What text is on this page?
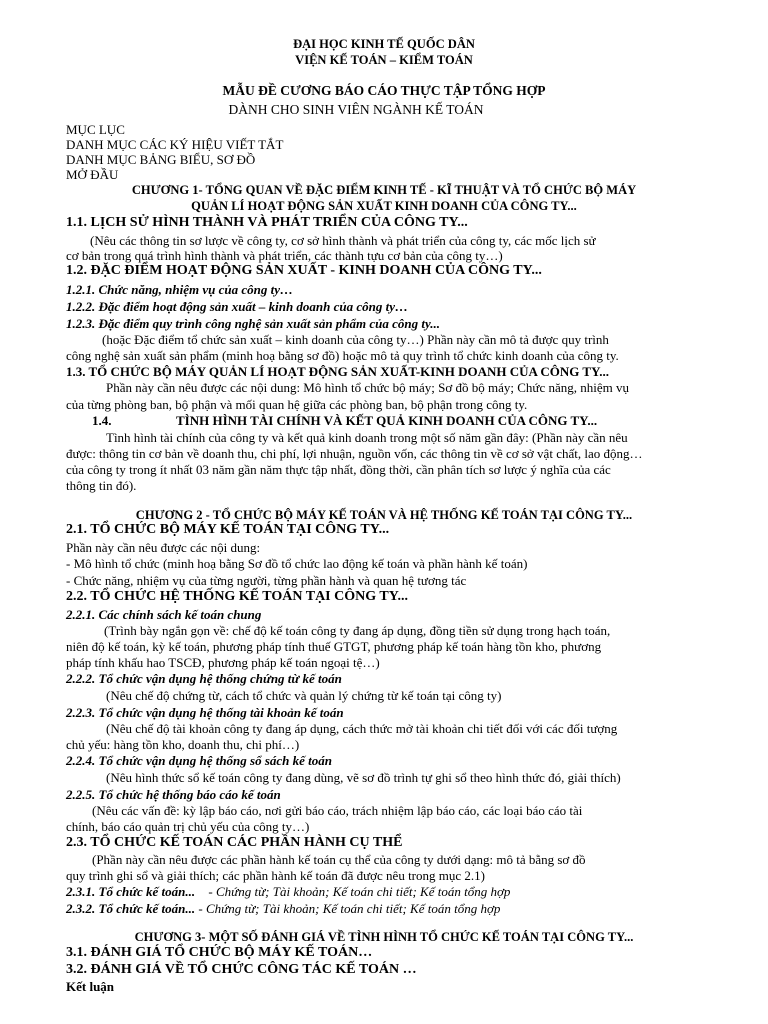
ĐẠI HỌC KINH TẾ QUỐC DÂN
VIỆN KẾ TOÁN – KIỂM TOÁN
MẪU ĐỀ CƯƠNG BÁO CÁO THỰC TẬP TỔNG HỢP
DÀNH CHO SINH VIÊN NGÀNH KẾ TOÁN
MỤC LỤC
DANH MỤC CÁC KÝ HIỆU VIẾT TẮT
DANH MỤC BẢNG BIỂU, SƠ ĐỒ
MỞ ĐẦU
CHƯƠNG 1- TỔNG QUAN VỀ ĐẶC ĐIỂM KINH TẾ - KĨ THUẬT VÀ TỔ CHỨC BỘ MÁY
QUẢN LÍ HOẠT ĐỘNG SẢN XUẤT KINH DOANH CỦA CÔNG TY...
1.1. LỊCH SỬ HÌNH THÀNH VÀ PHÁT TRIỂN CỦA CÔNG TY...
(Nêu các thông tin sơ lược về công ty, cơ sở hình thành và phát triển của công ty, các mốc lịch sử
cơ bản trong quá trình hình thành và phát triển, các thành tựu cơ bản của công ty…)
1.2. ĐẶC ĐIỂM HOẠT ĐỘNG SẢN XUẤT - KINH DOANH CỦA CÔNG TY...
1.2.1. Chức năng, nhiệm vụ của công ty…
1.2.2. Đặc điểm hoạt động sản xuất – kinh doanh của công ty…
1.2.3. Đặc điểm quy trình công nghệ sản xuất sản phẩm của công ty...
(hoặc Đặc điểm tổ chức sản xuất – kinh doanh của công ty…) Phần này cần mô tả được quy trình
công nghệ sản xuất sản phẩm (minh hoạ bằng sơ đồ) hoặc mô tả quy trình tổ chức kinh doanh của công ty.
1.3. TỔ CHỨC BỘ MÁY QUẢN LÍ HOẠT ĐỘNG SẢN XUẤT-KINH DOANH CỦA CÔNG TY...
Phần này cần nêu được các nội dung: Mô hình tổ chức bộ máy; Sơ đồ bộ máy; Chức năng, nhiệm vụ
của từng phòng ban, bộ phận và mối quan hệ giữa các phòng ban, bộ phận trong công ty.
1.4.	TÌNH HÌNH TÀI CHÍNH VÀ KẾT QUẢ KINH DOANH CỦA CÔNG TY...
Tình hình tài chính của công ty và kết quả kinh doanh trong một số năm gần đây: (Phần này cần nêu
được: thông tin cơ bản về doanh thu, chi phí, lợi nhuận, nguồn vốn, các thông tin về cơ sở vật chất, lao động…
của công ty trong ít nhất 03 năm gần năm thực tập nhất, đồng thời, cần phân tích sơ lược ý nghĩa của các
thông tin đó).
CHƯƠNG 2 - TỔ CHỨC BỘ MÁY KẾ TOÁN VÀ HỆ THỐNG KẾ TOÁN TẠI CÔNG TY...
2.1. TỔ CHỨC BỘ MÁY KẾ TOÁN TẠI CÔNG TY...
Phần này cần nêu được các nội dung:
- Mô hình tổ chức (minh hoạ bằng Sơ đồ tổ chức lao động kế toán và phần hành kế toán)
- Chức năng, nhiệm vụ của từng người, từng phần hành và quan hệ tương tác
2.2. TỔ CHỨC HỆ THỐNG KẾ TOÁN TẠI CÔNG TY...
2.2.1. Các chính sách kế toán chung
(Trình bày ngắn gọn về: chế độ kế toán công ty đang áp dụng, đồng tiền sử dụng trong hạch toán,
niên độ kế toán, kỳ kế toán, phương pháp tính thuế GTGT, phương pháp kế toán hàng tồn kho, phương
pháp tính khấu hao TSCĐ, phương pháp kế toán ngoại tệ…)
2.2.2. Tổ chức vận dụng hệ thống chứng từ kế toán
(Nêu chế độ chứng từ, cách tổ chức và quản lý chứng từ kế toán tại công ty)
2.2.3. Tổ chức vận dụng hệ thống tài khoản kế toán
(Nêu chế độ tài khoản công ty đang áp dụng, cách thức mở tài khoản chi tiết đối với các đối tượng
chủ yếu: hàng tồn kho, doanh thu, chi phí…)
2.2.4. Tổ chức vận dụng hệ thống sổ sách kế toán
(Nêu hình thức sổ kế toán công ty đang dùng, vẽ sơ đồ trình tự ghi sổ theo hình thức đó, giải thích)
2.2.5. Tổ chức hệ thống báo cáo kế toán
(Nêu các vấn đề: kỳ lập báo cáo, nơi gửi báo cáo, trách nhiệm lập báo cáo, các loại báo cáo tài
chính, báo cáo quản trị chủ yếu của công ty…)
2.3. TỔ CHỨC KẾ TOÁN CÁC PHẦN HÀNH CỤ THỂ
(Phần này cần nêu được các phần hành kế toán cụ thể của công ty dưới dạng: mô tả bằng sơ đồ
quy trình ghi sổ và giải thích; các phần hành kế toán đã được nêu trong mục 2.1)
2.3.1. Tổ chức kế toán... - Chứng từ; Tài khoản; Kế toán chi tiết; Kế toán tổng hợp
2.3.2. Tổ chức kế toán... - Chứng từ; Tài khoản; Kế toán chi tiết; Kế toán tổng hợp
CHƯƠNG 3- MỘT SỐ ĐÁNH GIÁ VỀ TÌNH HÌNH TỔ CHỨC KẾ TOÁN TẠI CÔNG TY...
3.1. ĐÁNH GIÁ TỔ CHỨC BỘ MÁY KẾ TOÁN…
3.2. ĐÁNH GIÁ VỀ TỔ CHỨC CÔNG TÁC KẾ TOÁN …
Kết luận
